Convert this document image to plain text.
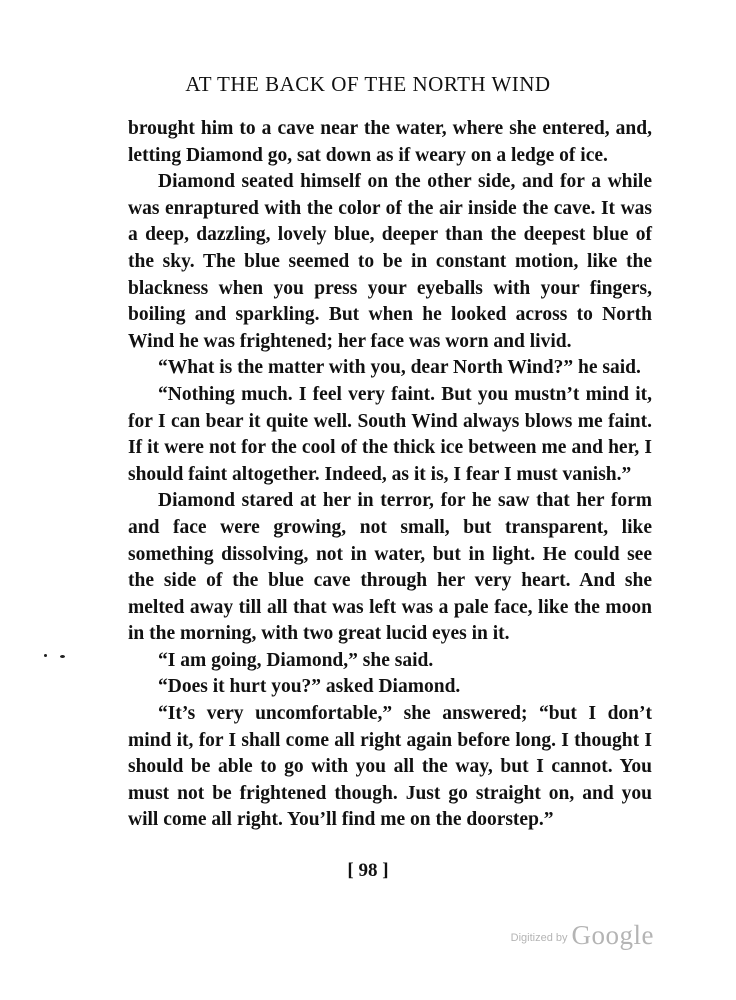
AT THE BACK OF THE NORTH WIND

brought him to a cave near the water, where she entered, and, letting Diamond go, sat down as if weary on a ledge of ice.

Diamond seated himself on the other side, and for a while was enraptured with the color of the air inside the cave. It was a deep, dazzling, lovely blue, deeper than the deepest blue of the sky. The blue seemed to be in constant motion, like the blackness when you press your eyeballs with your fingers, boiling and sparkling. But when he looked across to North Wind he was frightened; her face was worn and livid.

“What is the matter with you, dear North Wind?” he said.

“Nothing much. I feel very faint. But you mustn’t mind it, for I can bear it quite well. South Wind always blows me faint. If it were not for the cool of the thick ice between me and her, I should faint altogether. Indeed, as it is, I fear I must vanish.”

Diamond stared at her in terror, for he saw that her form and face were growing, not small, but transparent, like something dissolving, not in water, but in light. He could see the side of the blue cave through her very heart. And she melted away till all that was left was a pale face, like the moon in the morning, with two great lucid eyes in it.

“I am going, Diamond,” she said.

“Does it hurt you?” asked Diamond.

“It’s very uncomfortable,” she answered; “but I don’t mind it, for I shall come all right again before long. I thought I should be able to go with you all the way, but I cannot. You must not be frightened though. Just go straight on, and you will come all right. You’ll find me on the doorstep.”

[ 98 ]
Digitized by Google
